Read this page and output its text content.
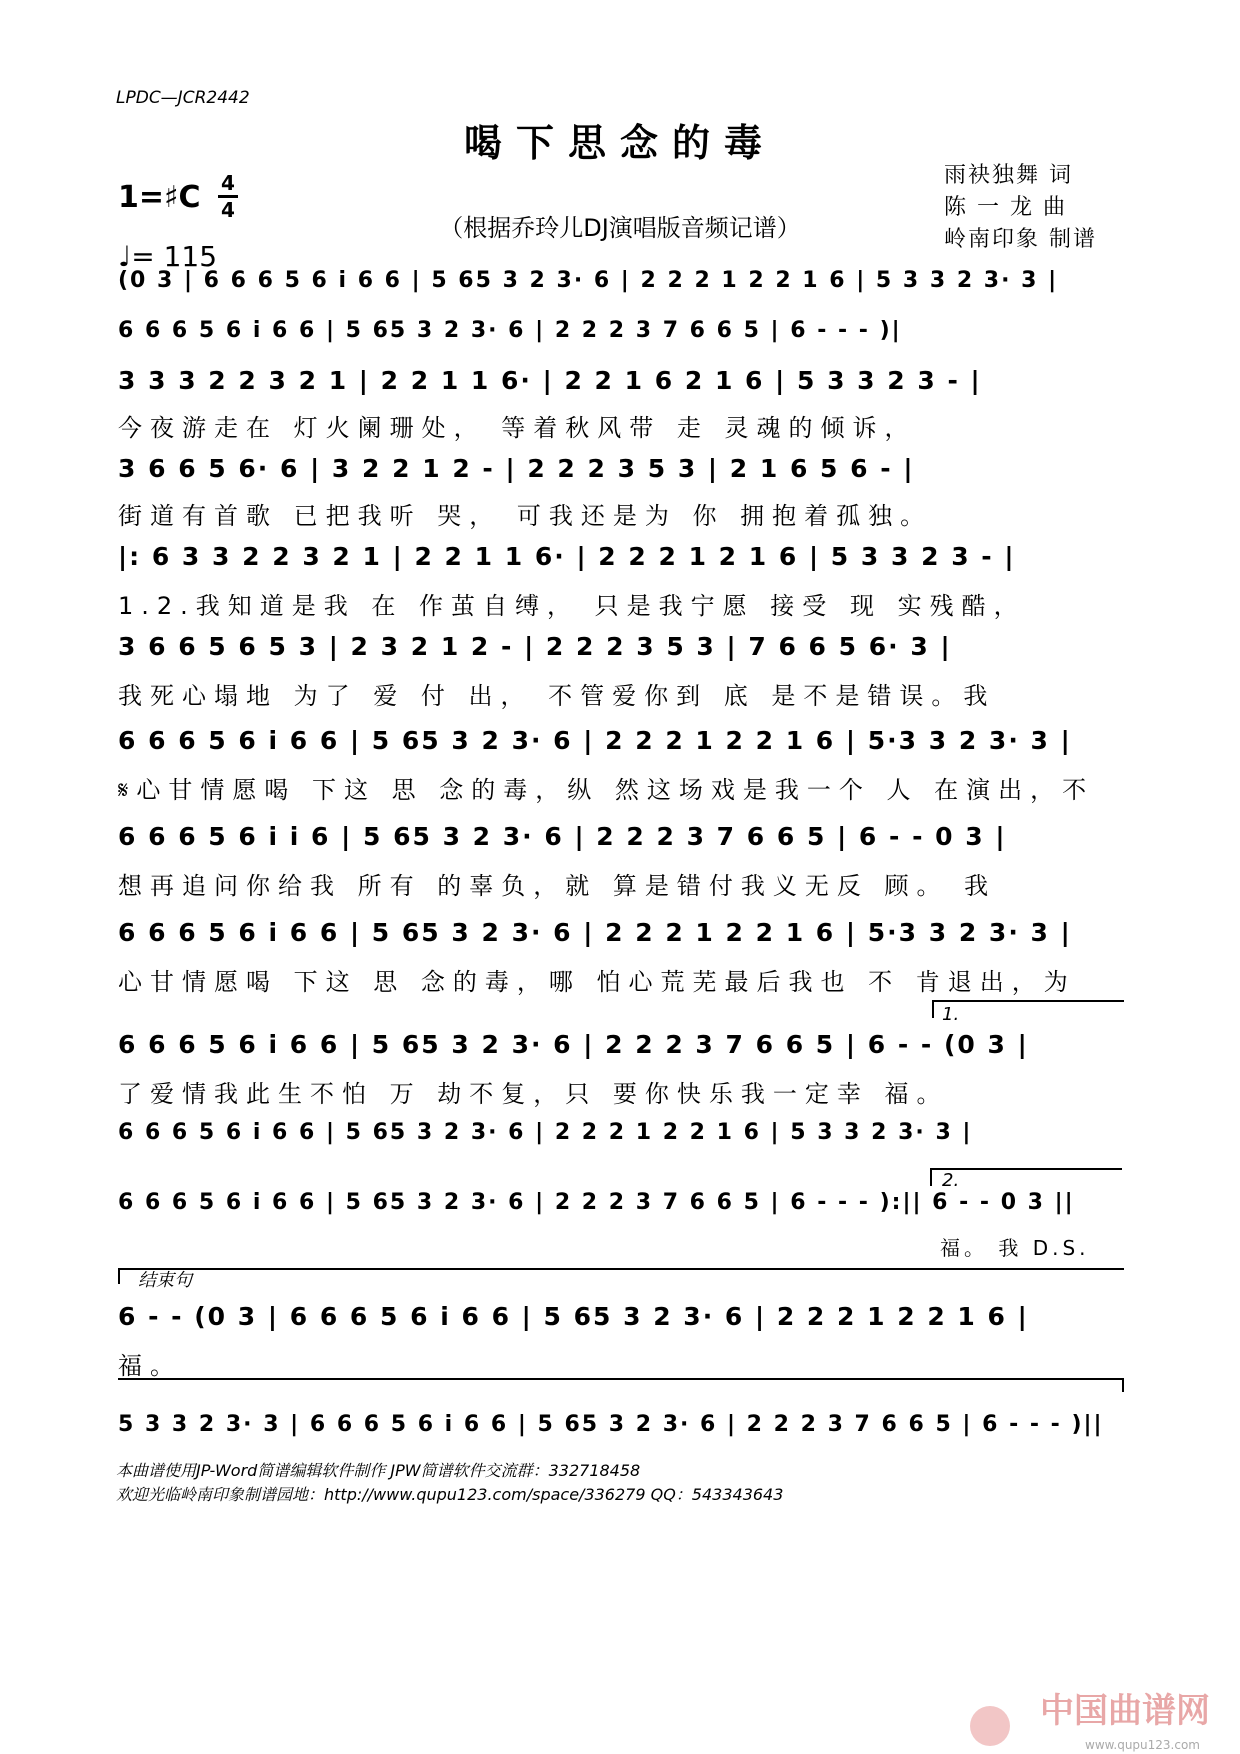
LPDC—JCR2442
喝下思念的毒
1=♯C 4
4
♩= 115
（根据乔玲儿DJ演唱版音频记谱）
雨袂独舞 词
陈 一 龙 曲
岭南印象 制谱
(0 3 | 6 6 6 5 6 i 6 6 | 5 65 3 2 3· 6 | 2 2 2 1 2 2 1 6 | 5 3 3 2 3· 3 |
6 6 6 5 6 i 6 6 | 5 65 3 2 3· 6 | 2 2 2 3 7 6 6 5 | 6 - - - )|
3 3 3 2 2 3 2 1 | 2 2 1 1 6· | 2 2 1 6 2 1 6 | 5 3 3 2 3 - |
今夜游走在 灯火阑珊处， 等着秋风带 走 灵魂的倾诉，
3 6 6 5 6· 6 | 3 2 2 1 2 - | 2 2 2 3 5 3 | 2 1 6 5 6 - |
街道有首歌 已把我听 哭， 可我还是为 你 拥抱着孤独。
|: 6 3 3 2 2 3 2 1 | 2 2 1 1 6· | 2 2 2 1 2 1 6 | 5 3 3 2 3 - |
1.2.我知道是我 在 作茧自缚， 只是我宁愿 接受 现 实残酷，
3 6 6 5 6 5 3 | 2 3 2 1 2 - | 2 2 2 3 5 3 | 7 6 6 5 6· 3 |
我死心塌地 为了 爱 付 出， 不管爱你到 底 是不是错误。我
6 6 6 5 6 i 6 6 | 5 65 3 2 3· 6 | 2 2 2 1 2 2 1 6 | 5·3 3 2 3· 3 |
𝄋心甘情愿喝 下这 思 念的毒，纵 然这场戏是我一个 人 在演出，不
6 6 6 5 6 i i 6 | 5 65 3 2 3· 6 | 2 2 2 3 7 6 6 5 | 6 - - 0 3 |
想再追问你给我 所有 的辜负，就 算是错付我义无反 顾。 我
6 6 6 5 6 i 6 6 | 5 65 3 2 3· 6 | 2 2 2 1 2 2 1 6 | 5·3 3 2 3· 3 |
心甘情愿喝 下这 思 念的毒，哪 怕心荒芜最后我也 不 肯退出，为
1.
6 6 6 5 6 i 6 6 | 5 65 3 2 3· 6 | 2 2 2 3 7 6 6 5 | 6 - - (0 3 |
了爱情我此生不怕 万 劫不复，只 要你快乐我一定幸 福。
6 6 6 5 6 i 6 6 | 5 65 3 2 3· 6 | 2 2 2 1 2 2 1 6 | 5 3 3 2 3· 3 |
2.
6 6 6 5 6 i 6 6 | 5 65 3 2 3· 6 | 2 2 2 3 7 6 6 5 | 6 - - - ):|| 6 - - 0 3 ||
福。 我 D.S.
结束句
6 - - (0 3 | 6 6 6 5 6 i 6 6 | 5 65 3 2 3· 6 | 2 2 2 1 2 2 1 6 |
福。
5 3 3 2 3· 3 | 6 6 6 5 6 i 6 6 | 5 65 3 2 3· 6 | 2 2 2 3 7 6 6 5 | 6 - - - )||
本曲谱使用JP-Word简谱编辑软件制作 JPW简谱软件交流群：332718458
欢迎光临岭南印象制谱园地：http://www.qupu123.com/space/336279 QQ：543343643
中国曲谱网
www.qupu123.com
